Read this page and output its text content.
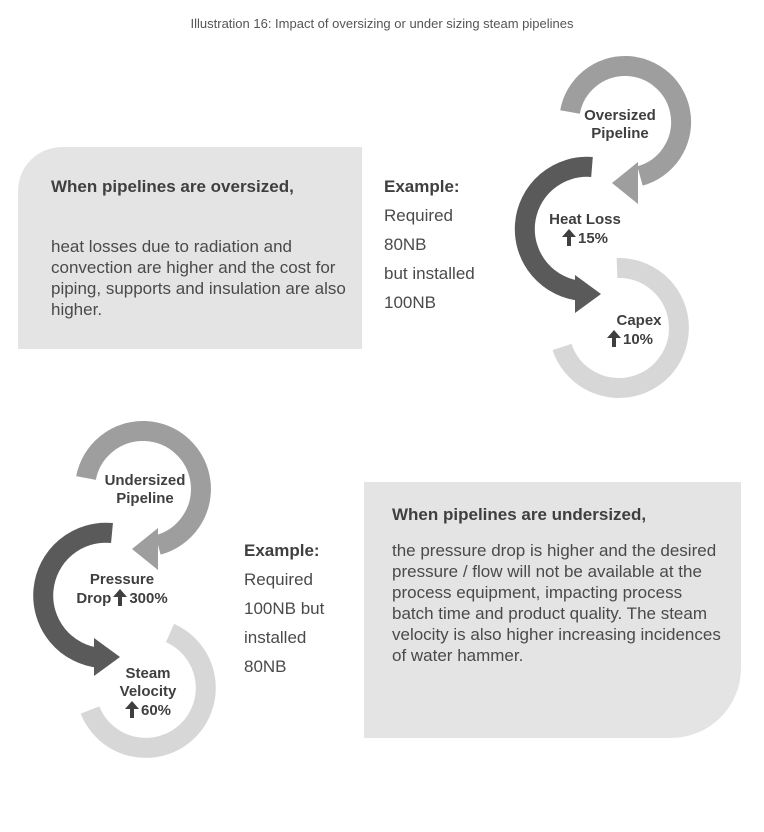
Illustration 16: Impact of oversizing or under sizing steam pipelines
When pipelines are oversized,
heat losses due to radiation and convection are higher and the cost for piping, supports and insulation are also higher.
Example:
Required
80NB
but installed
100NB
Oversized Pipeline
Heat Loss
15%
Capex
10%
When pipelines are undersized,
the pressure drop is higher and the desired pressure / flow will not be available at the process equipment, impacting process batch time and product quality. The steam velocity is also higher increasing incidences of water hammer.
Example:
Required
100NB but
installed
80NB
Undersized Pipeline
Pressure
Drop 300%
Steam Velocity
60%
